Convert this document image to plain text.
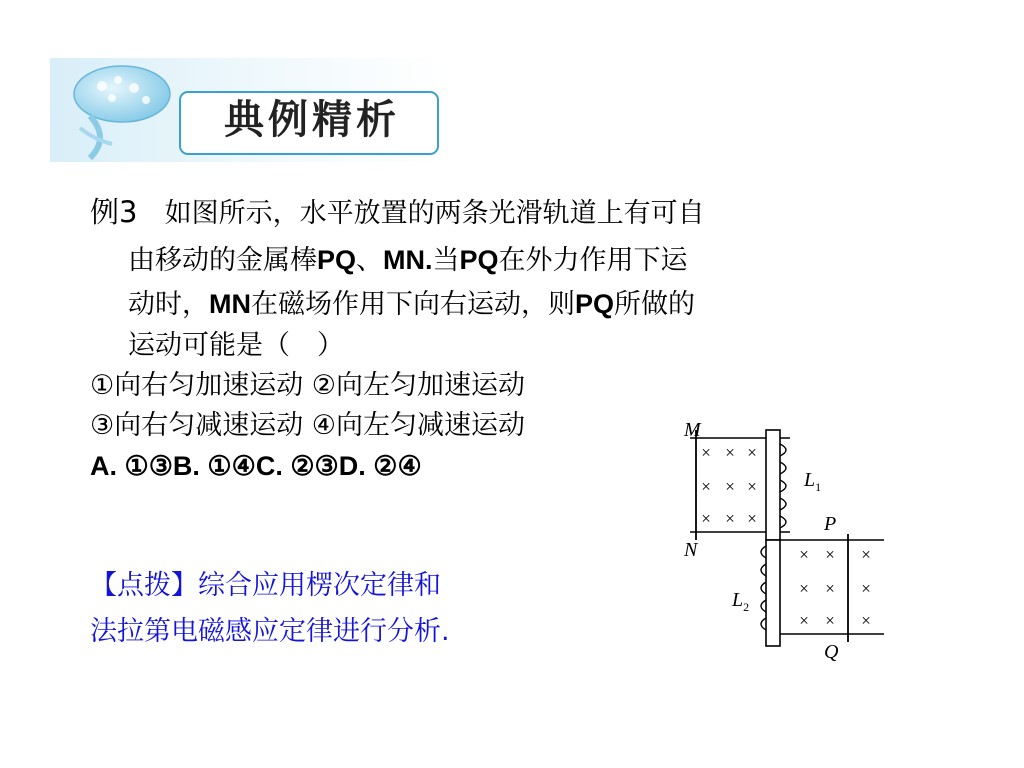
典例精析
例3 如图所示，水平放置的两条光滑轨道上有可自
由移动的金属棒PQ、MN.当PQ在外力作用下运
动时，MN在磁场作用下向右运动，则PQ所做的
运动可能是（　）
①向右匀加速运动 ②向左匀加速运动
③向右匀减速运动 ④向左匀减速运动
A. ①③B. ①④C. ②③D. ②④
【点拨】综合应用楞次定律和
法拉第电磁感应定律进行分析.
× × ×
× × ×
× × ×
× × ×
× × ×
× × ×
M
N
P
Q
$L_1$
$L_2$
